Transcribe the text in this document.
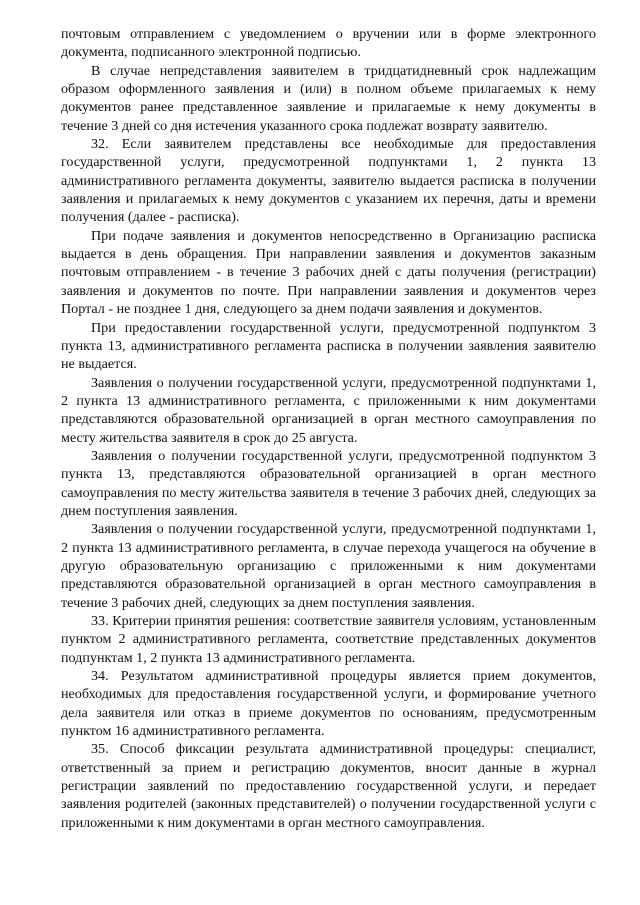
почтовым отправлением с уведомлением о вручении или в форме электронного документа, подписанного электронной подписью.

В случае непредставления заявителем в тридцатидневный срок надлежащим образом оформленного заявления и (или) в полном объеме прилагаемых к нему документов ранее представленное заявление и прилагаемые к нему документы в течение 3 дней со дня истечения указанного срока подлежат возврату заявителю.

32. Если заявителем представлены все необходимые для предоставления государственной услуги, предусмотренной подпунктами 1, 2 пункта 13 административного регламента документы, заявителю выдается расписка в получении заявления и прилагаемых к нему документов с указанием их перечня, даты и времени получения (далее - расписка).

При подаче заявления и документов непосредственно в Организацию расписка выдается в день обращения. При направлении заявления и документов заказным почтовым отправлением - в течение 3 рабочих дней с даты получения (регистрации) заявления и документов по почте. При направлении заявления и документов через Портал - не позднее 1 дня, следующего за днем подачи заявления и документов.

При предоставлении государственной услуги, предусмотренной подпунктом 3 пункта 13, административного регламента расписка в получении заявления заявителю не выдается.

Заявления о получении государственной услуги, предусмотренной подпунктами 1, 2 пункта 13 административного регламента, с приложенными к ним документами представляются образовательной организацией в орган местного самоуправления по месту жительства заявителя в срок до 25 августа.

Заявления о получении государственной услуги, предусмотренной подпунктом 3 пункта 13, представляются образовательной организацией в орган местного самоуправления по месту жительства заявителя в течение 3 рабочих дней, следующих за днем поступления заявления.

Заявления о получении государственной услуги, предусмотренной подпунктами 1, 2 пункта 13 административного регламента, в случае перехода учащегося на обучение в другую образовательную организацию с приложенными к ним документами представляются образовательной организацией в орган местного самоуправления в течение 3 рабочих дней, следующих за днем поступления заявления.

33. Критерии принятия решения: соответствие заявителя условиям, установленным пунктом 2 административного регламента, соответствие представленных документов подпунктам 1, 2 пункта 13 административного регламента.

34. Результатом административной процедуры является прием документов, необходимых для предоставления государственной услуги, и формирование учетного дела заявителя или отказ в приеме документов по основаниям, предусмотренным пунктом 16 административного регламента.

35. Способ фиксации результата административной процедуры: специалист, ответственный за прием и регистрацию документов, вносит данные в журнал регистрации заявлений по предоставлению государственной услуги, и передает заявления родителей (законных представителей) о получении государственной услуги с приложенными к ним документами в орган местного самоуправления.
